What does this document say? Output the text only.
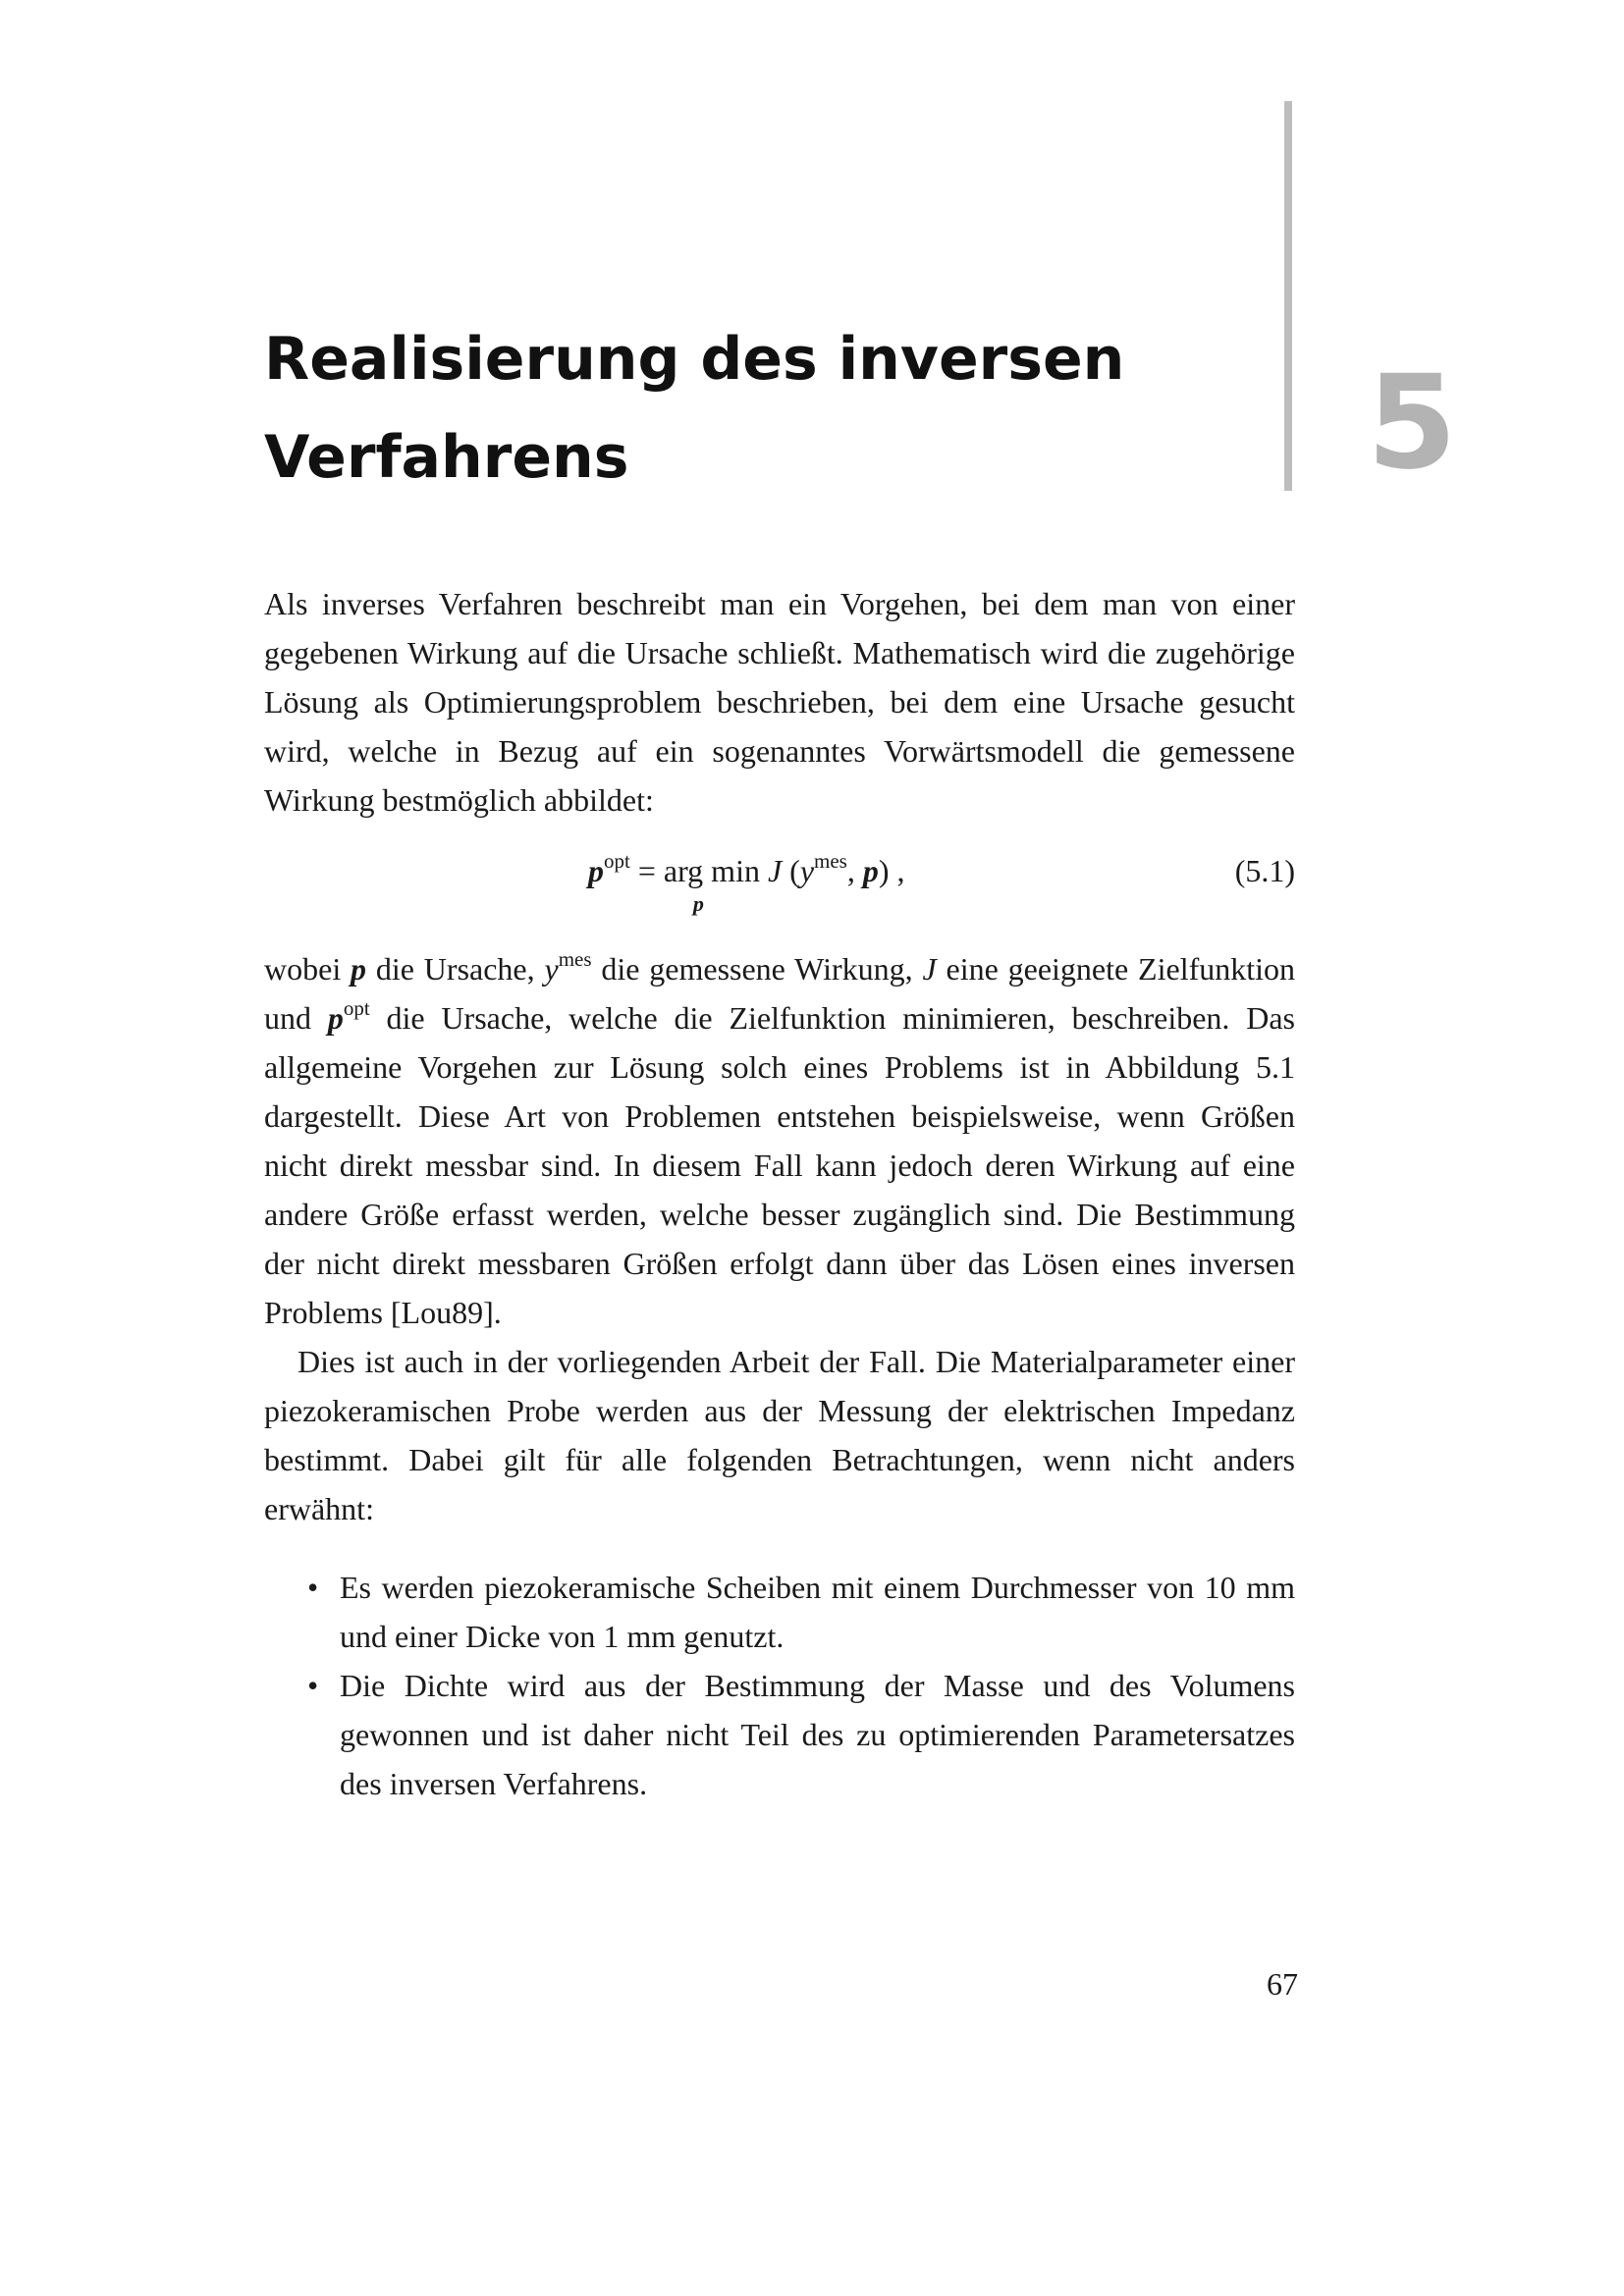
5
Realisierung des inversen
Verfahrens

Als inverses Verfahren beschreibt man ein Vorgehen, bei dem man von einer gegebenen Wirkung auf die Ursache schließt. Mathematisch wird die zugehörige Lösung als Optimierungsproblem beschrieben, bei dem eine Ursache gesucht wird, welche in Bezug auf ein sogenanntes Vorwärtsmodell die gemessene Wirkung bestmöglich abbildet:

$p^{opt}$ = arg min
p
J ($y^{mes}$, p) ,	(5.1)

wobei p die Ursache, $y^{mes}$ die gemessene Wirkung, J eine geeignete Zielfunktion und $p^{opt}$ die Ursache, welche die Zielfunktion minimieren, beschreiben. Das allgemeine Vorgehen zur Lösung solch eines Problems ist in Abbildung 5.1 dargestellt. Diese Art von Problemen entstehen beispielsweise, wenn Größen nicht direkt messbar sind. In diesem Fall kann jedoch deren Wirkung auf eine andere Größe erfasst werden, welche besser zugänglich sind. Die Bestimmung der nicht direkt messbaren Größen erfolgt dann über das Lösen eines inversen Problems [Lou89].

Dies ist auch in der vorliegenden Arbeit der Fall. Die Materialparameter einer piezokeramischen Probe werden aus der Messung der elektrischen Impedanz bestimmt. Dabei gilt für alle folgenden Betrachtungen, wenn nicht anders erwähnt:

• Es werden piezokeramische Scheiben mit einem Durchmesser von 10 mm und einer Dicke von 1 mm genutzt.
• Die Dichte wird aus der Bestimmung der Masse und des Volumens gewonnen und ist daher nicht Teil des zu optimierenden Parametersatzes des inversen Verfahrens.
67
